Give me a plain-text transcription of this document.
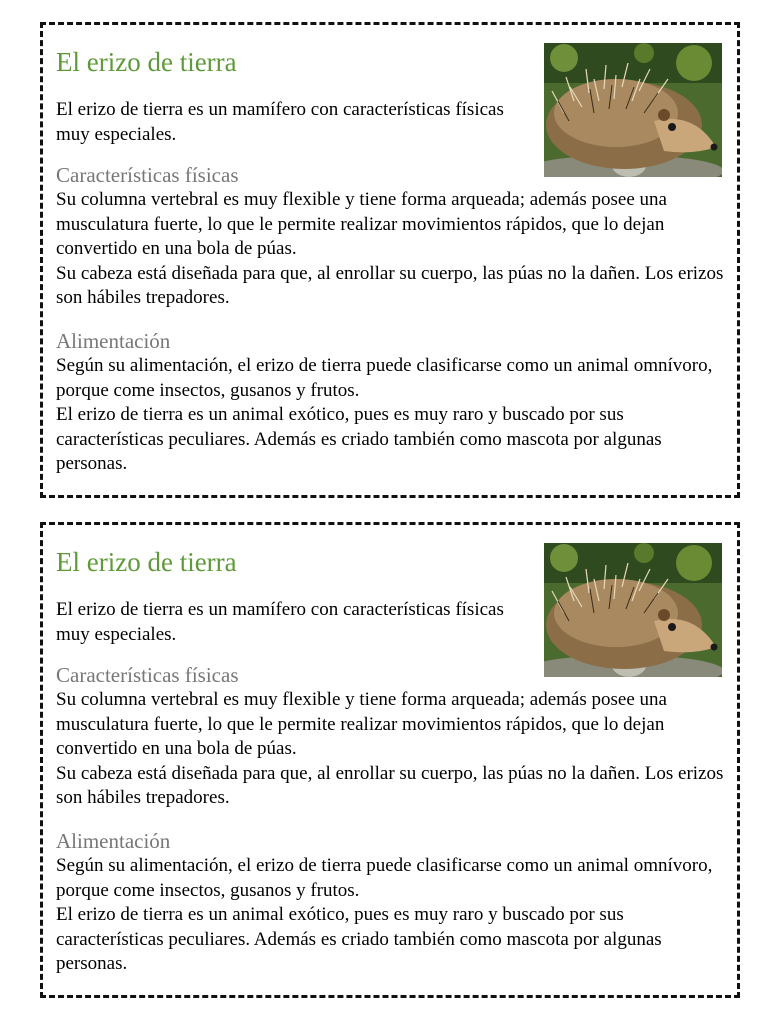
El erizo de tierra
El erizo de tierra es un mamífero con características físicas muy especiales.
Características físicas

Su columna vertebral es muy flexible y tiene forma arqueada; además posee una musculatura fuerte, lo que le permite realizar movimientos rápidos, que lo dejan convertido en una bola de púas.

Su cabeza está diseñada para que, al enrollar su cuerpo, las púas no la dañen. Los erizos son hábiles trepadores.

Alimentación

Según su alimentación, el erizo de tierra puede clasificarse como un animal omnívoro, porque come insectos, gusanos y frutos.

El erizo de tierra es un animal exótico, pues es muy raro y buscado por sus características peculiares. Además es criado también como mascota por algunas personas.

El erizo de tierra
El erizo de tierra es un mamífero con características físicas muy especiales.
Características físicas

Su columna vertebral es muy flexible y tiene forma arqueada; además posee una musculatura fuerte, lo que le permite realizar movimientos rápidos, que lo dejan convertido en una bola de púas.

Su cabeza está diseñada para que, al enrollar su cuerpo, las púas no la dañen. Los erizos son hábiles trepadores.

Alimentación

Según su alimentación, el erizo de tierra puede clasificarse como un animal omnívoro, porque come insectos, gusanos y frutos.

El erizo de tierra es un animal exótico, pues es muy raro y buscado por sus características peculiares. Además es criado también como mascota por algunas personas.
